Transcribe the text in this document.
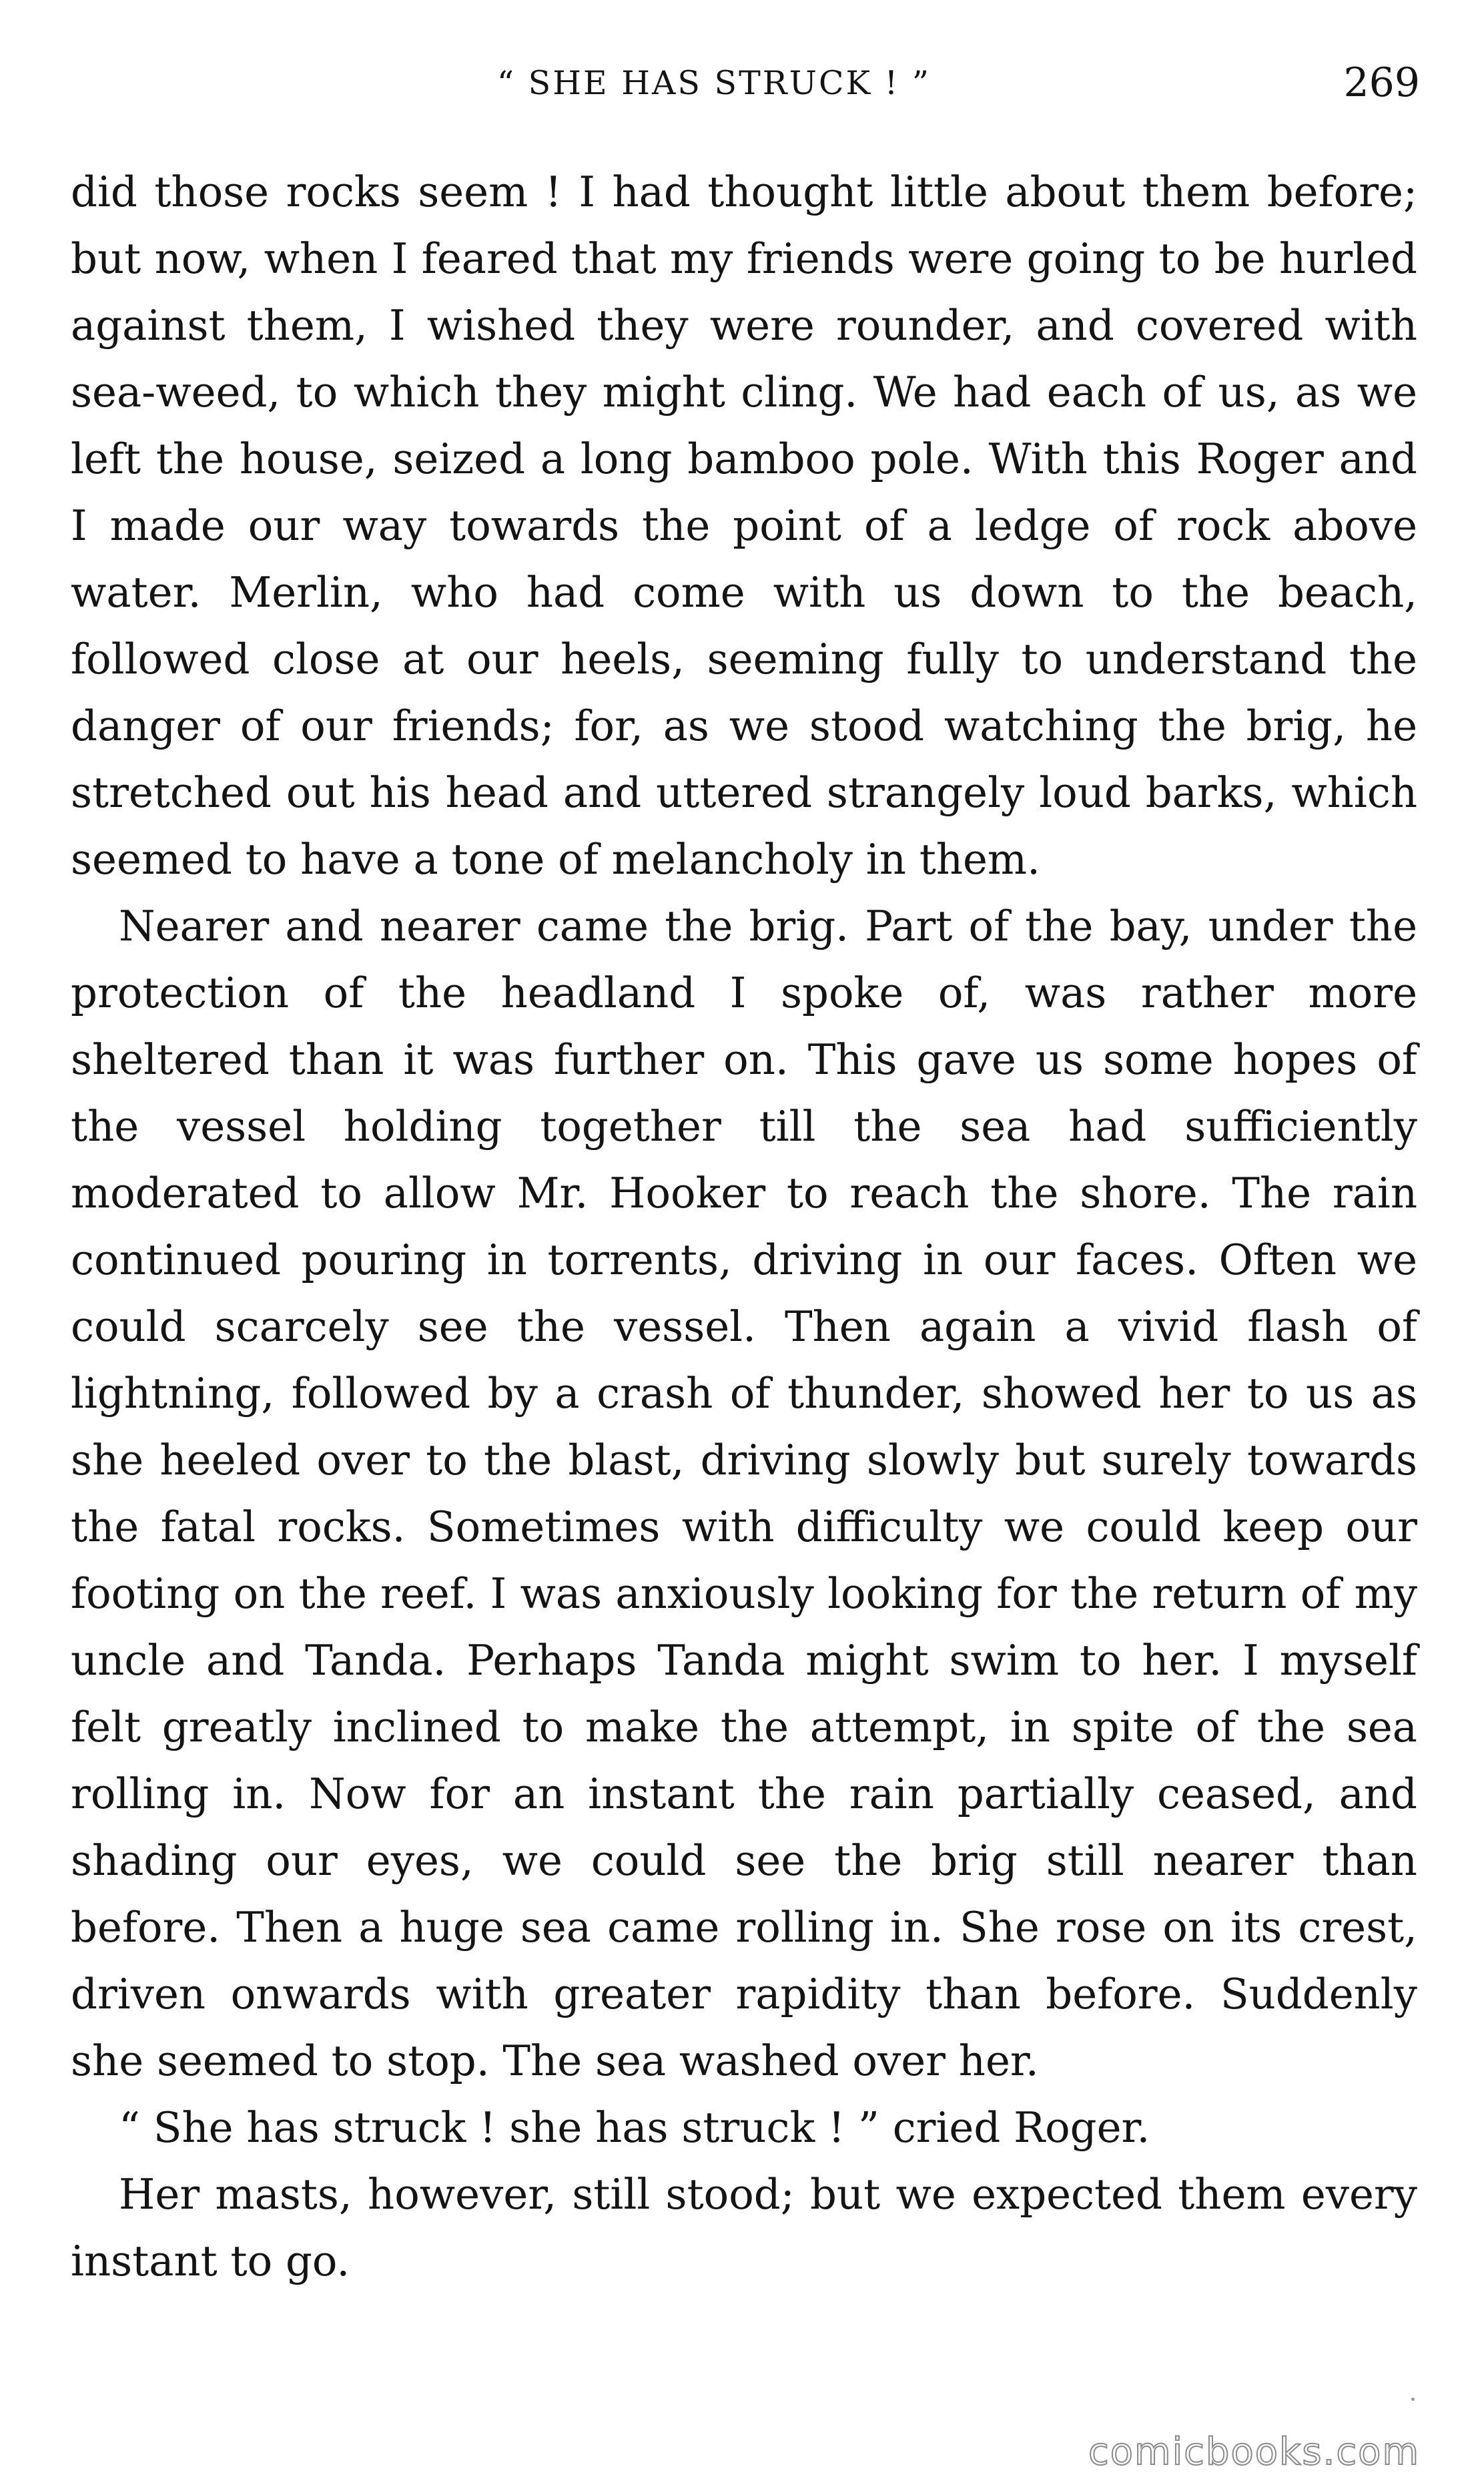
“ SHE HAS STRUCK ! ”	269

did those rocks seem ! I had thought little about them before; but now, when I feared that my friends were going to be hurled against them, I wished they were rounder, and covered with sea-weed, to which they might cling. We had each of us, as we left the house, seized a long bamboo pole. With this Roger and I made our way towards the point of a ledge of rock above water. Merlin, who had come with us down to the beach, followed close at our heels, seeming fully to understand the danger of our friends; for, as we stood watching the brig, he stretched out his head and uttered strangely loud barks, which seemed to have a tone of melancholy in them.

Nearer and nearer came the brig. Part of the bay, under the protection of the headland I spoke of, was rather more sheltered than it was further on. This gave us some hopes of the vessel holding together till the sea had sufficiently moderated to allow Mr. Hooker to reach the shore. The rain continued pouring in torrents, driving in our faces. Often we could scarcely see the vessel. Then again a vivid flash of lightning, followed by a crash of thunder, showed her to us as she heeled over to the blast, driving slowly but surely towards the fatal rocks. Sometimes with difficulty we could keep our footing on the reef. I was anxiously looking for the return of my uncle and Tanda. Perhaps Tanda might swim to her. I myself felt greatly inclined to make the attempt, in spite of the sea rolling in. Now for an instant the rain partially ceased, and shading our eyes, we could see the brig still nearer than before. Then a huge sea came rolling in. She rose on its crest, driven onwards with greater rapidity than before. Suddenly she seemed to stop. The sea washed over her.

“ She has struck ! she has struck ! ” cried Roger.

Her masts, however, still stood; but we expected them every instant to go.

comicbooks.com
